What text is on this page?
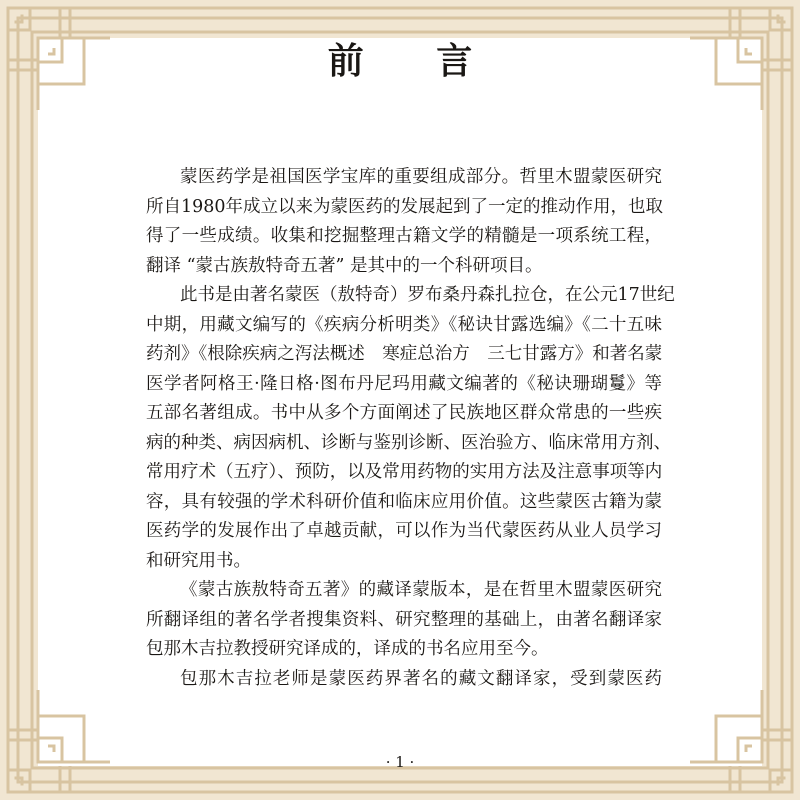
前 言
蒙医药学是祖国医学宝库的重要组成部分。哲里木盟蒙医研究
所自1980年成立以来为蒙医药的发展起到了一定的推动作用，也取
得了一些成绩。收集和挖掘整理古籍文学的精髓是一项系统工程，
翻译 “蒙古族敖特奇五著” 是其中的一个科研项目。
此书是由著名蒙医（敖特奇）罗布桑丹森扎拉仓，在公元17世纪
中期，用藏文编写的《疾病分析明类》《秘诀甘露选编》《二十五味
药剂》《根除疾病之泻法概述　寒症总治方　三七甘露方》和著名蒙
医学者阿格王·隆日格·图布丹尼玛用藏文编著的《秘诀珊瑚鬘》等
五部名著组成。书中从多个方面阐述了民族地区群众常患的一些疾
病的种类、病因病机、诊断与鉴别诊断、医治验方、临床常用方剂、
常用疗术（五疗）、预防，以及常用药物的实用方法及注意事项等内
容，具有较强的学术科研价值和临床应用价值。这些蒙医古籍为蒙
医药学的发展作出了卓越贡献，可以作为当代蒙医药从业人员学习
和研究用书。
《蒙古族敖特奇五著》的藏译蒙版本，是在哲里木盟蒙医研究
所翻译组的著名学者搜集资料、研究整理的基础上，由著名翻译家
包那木吉拉教授研究译成的，译成的书名应用至今。
包那木吉拉老师是蒙医药界著名的藏文翻译家，受到蒙医药
· 1 ·
